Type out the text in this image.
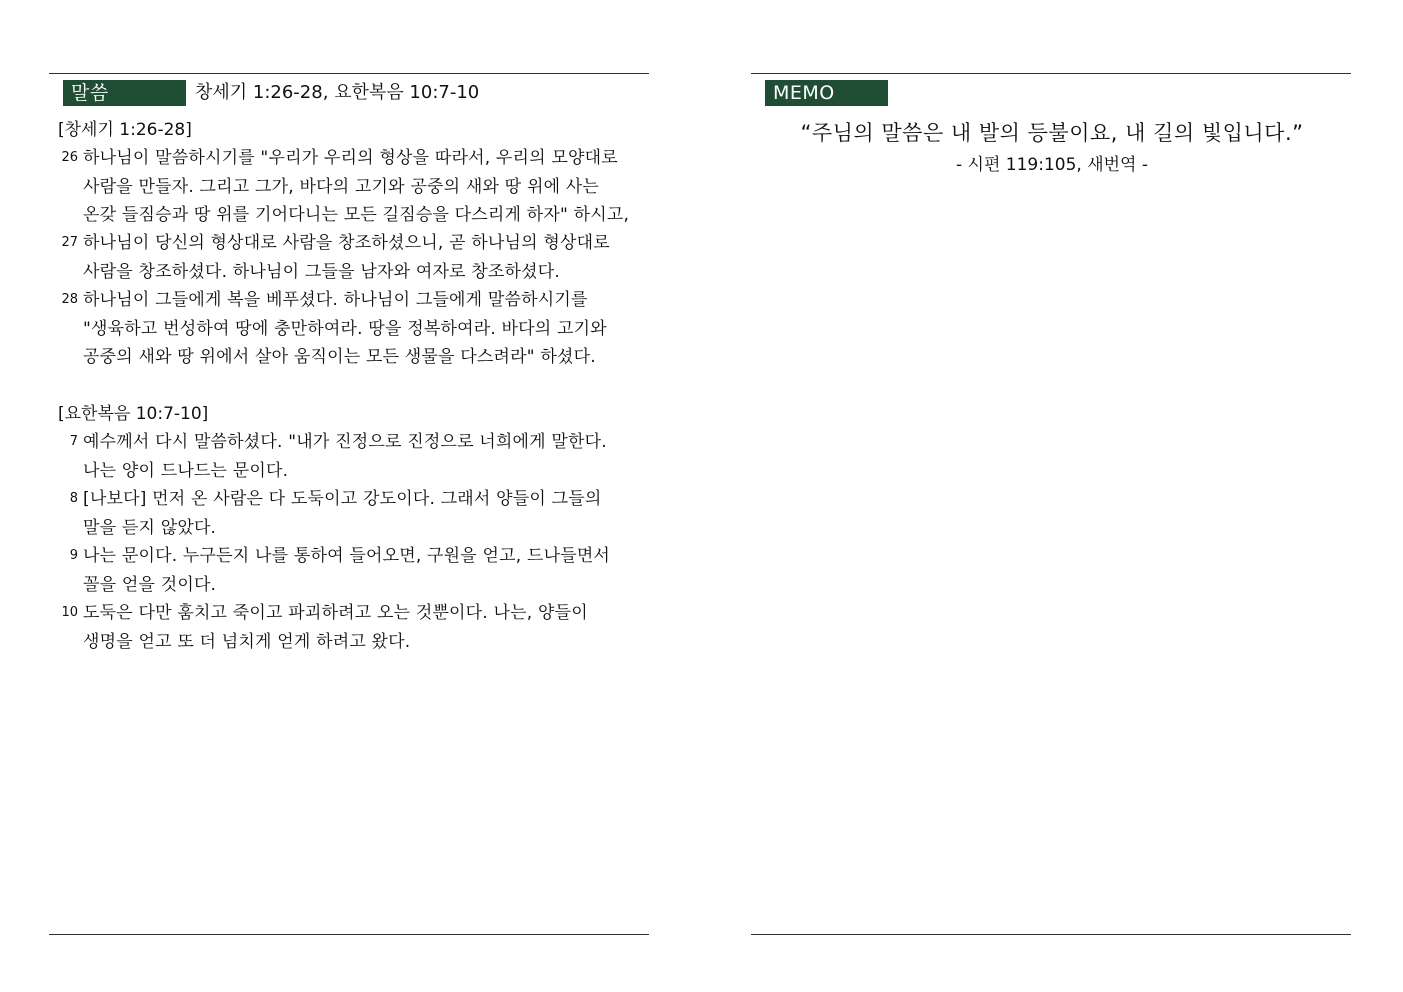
말씀	창세기 1:26-28, 요한복음 10:7-10
[창세기 1:26-28]
26 하나님이 말씀하시기를 "우리가 우리의 형상을 따라서, 우리의 모양대로
사람을 만들자. 그리고 그가, 바다의 고기와 공중의 새와 땅 위에 사는
온갖 들짐승과 땅 위를 기어다니는 모든 길짐승을 다스리게 하자" 하시고,
27 하나님이 당신의 형상대로 사람을 창조하셨으니, 곧 하나님의 형상대로
사람을 창조하셨다. 하나님이 그들을 남자와 여자로 창조하셨다.
28 하나님이 그들에게 복을 베푸셨다. 하나님이 그들에게 말씀하시기를
"생육하고 번성하여 땅에 충만하여라. 땅을 정복하여라. 바다의 고기와
공중의 새와 땅 위에서 살아 움직이는 모든 생물을 다스려라" 하셨다.
[요한복음 10:7-10]
7 예수께서 다시 말씀하셨다. "내가 진정으로 진정으로 너희에게 말한다.
나는 양이 드나드는 문이다.
8 [나보다] 먼저 온 사람은 다 도둑이고 강도이다. 그래서 양들이 그들의
말을 듣지 않았다.
9 나는 문이다. 누구든지 나를 통하여 들어오면, 구원을 얻고, 드나들면서
꼴을 얻을 것이다.
10 도둑은 다만 훔치고 죽이고 파괴하려고 오는 것뿐이다. 나는, 양들이
생명을 얻고 또 더 넘치게 얻게 하려고 왔다.
MEMO
“주님의 말씀은 내 발의 등불이요, 내 길의 빛입니다.”
- 시편 119:105, 새번역 -
